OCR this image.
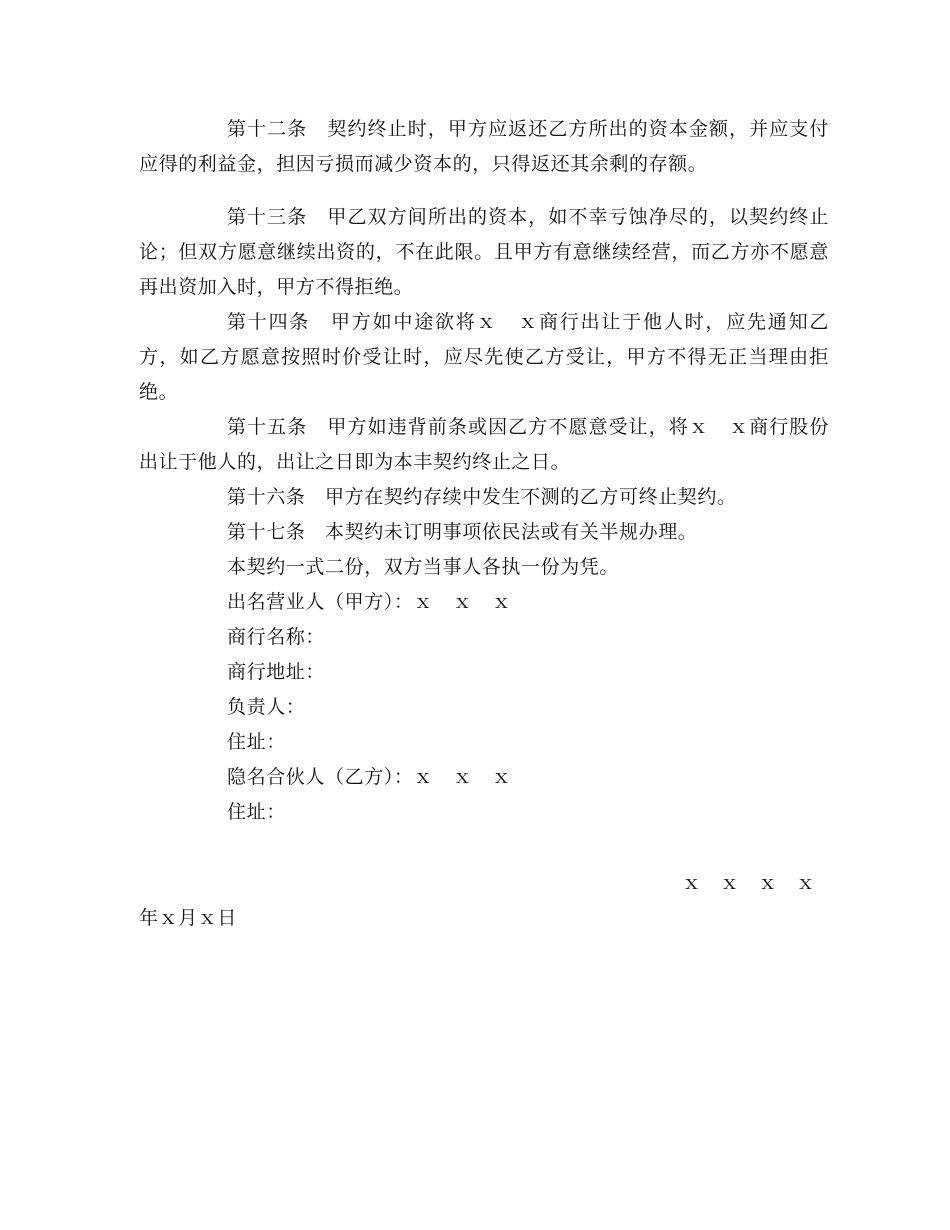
第十二条　契约终止时，甲方应返还乙方所出的资本金额，并应支付应得的利益金，担因亏损而减少资本的，只得返还其余剩的存额。

第十三条　甲乙双方间所出的资本，如不幸亏蚀净尽的，以契约终止论；但双方愿意继续出资的，不在此限。且甲方有意继续经营，而乙方亦不愿意再出资加入时，甲方不得拒绝。

第十四条　甲方如中途欲将ｘ　ｘ商行出让于他人时，应先通知乙方，如乙方愿意按照时价受让时，应尽先使乙方受让，甲方不得无正当理由拒绝。

第十五条　甲方如违背前条或因乙方不愿意受让，将ｘ　ｘ商行股份出让于他人的，出让之日即为本丰契约终止之日。

第十六条　甲方在契约存续中发生不测的乙方可终止契约。

第十七条　本契约未订明事项依民法或有关半规办理。

本契约一式二份，双方当事人各执一份为凭。

出名营业人（甲方）：ｘ　ｘ　ｘ

商行名称：

商行地址：

负责人：

住址：

隐名合伙人（乙方）：ｘ　ｘ　ｘ

住址：

ｘ　ｘ　ｘ　ｘ

年ｘ月ｘ日
